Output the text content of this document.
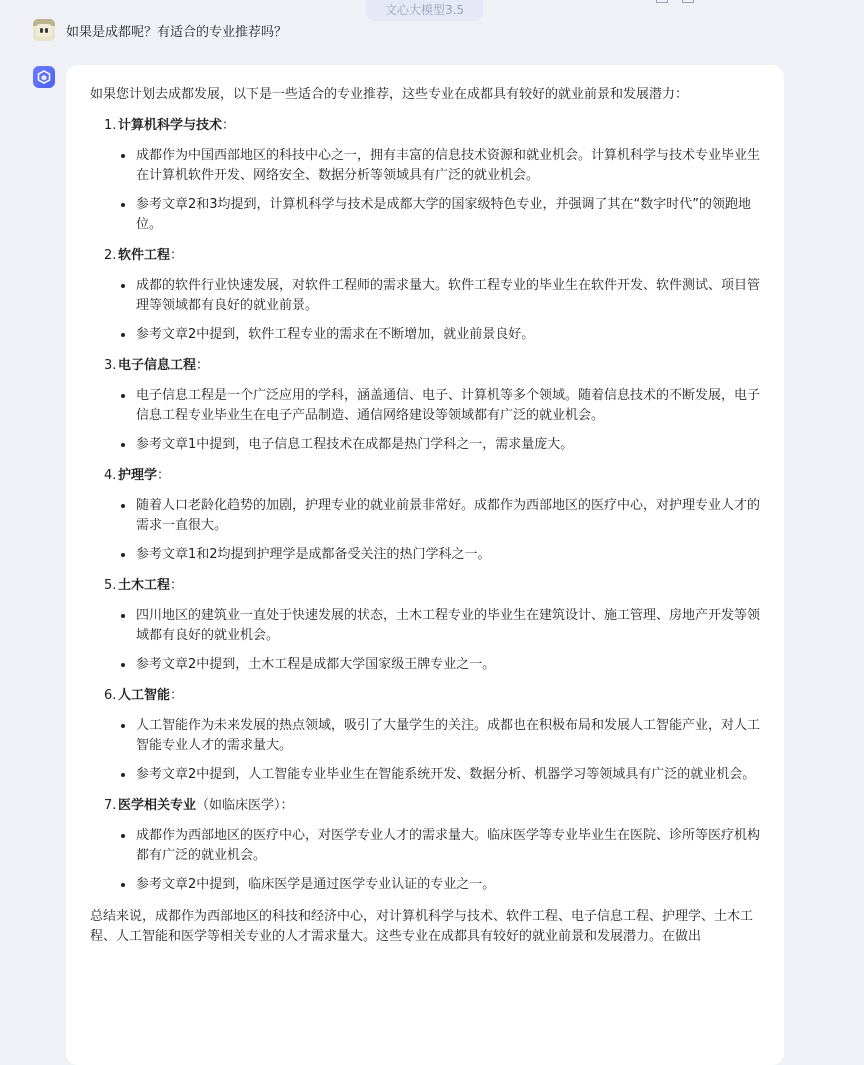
文心大模型3.5
如果是成都呢？有适合的专业推荐吗？

如果您计划去成都发展，以下是一些适合的专业推荐，这些专业在成都具有较好的就业前景和发展潜力：

1. 计算机科学与技术 ：
成都作为中国西部地区的科技中心之一，拥有丰富的信息技术资源和就业机会。计算机科学与技术专业毕业生在计算机软件开发、网络安全、数据分析等领域具有广泛的就业机会。
参考文章2和3均提到，计算机科学与技术是成都大学的国家级特色专业，并强调了其在“数字时代”的领跑地位。
2. 软件工程 ：
成都的软件行业快速发展，对软件工程师的需求量大。软件工程专业的毕业生在软件开发、软件测试、项目管理等领域都有良好的就业前景。
参考文章2中提到，软件工程专业的需求在不断增加，就业前景良好。
3. 电子信息工程 ：
电子信息工程是一个广泛应用的学科，涵盖通信、电子、计算机等多个领域。随着信息技术的不断发展，电子信息工程专业毕业生在电子产品制造、通信网络建设等领域都有广泛的就业机会。
参考文章1中提到，电子信息工程技术在成都是热门学科之一，需求量庞大。
4. 护理学 ：
随着人口老龄化趋势的加剧，护理专业的就业前景非常好。成都作为西部地区的医疗中心，对护理专业人才的需求一直很大。
参考文章1和2均提到护理学是成都备受关注的热门学科之一。
5. 土木工程 ：
四川地区的建筑业一直处于快速发展的状态，土木工程专业的毕业生在建筑设计、施工管理、房地产开发等领域都有良好的就业机会。
参考文章2中提到，土木工程是成都大学国家级王牌专业之一。
6. 人工智能 ：
人工智能作为未来发展的热点领域，吸引了大量学生的关注。成都也在积极布局和发展人工智能产业，对人工智能专业人才的需求量大。
参考文章2中提到，人工智能专业毕业生在智能系统开发、数据分析、机器学习等领域具有广泛的就业机会。
7. 医学相关专业 （如临床医学）：
成都作为西部地区的医疗中心，对医学专业人才的需求量大。临床医学等专业毕业生在医院、诊所等医疗机构都有广泛的就业机会。
参考文章2中提到，临床医学是通过医学专业认证的专业之一。

总结来说，成都作为西部地区的科技和经济中心，对计算机科学与技术、软件工程、电子信息工程、护理学、土木工程、人工智能和医学等相关专业的人才需求量大。这些专业在成都具有较好的就业前景和发展潜力。在做出
